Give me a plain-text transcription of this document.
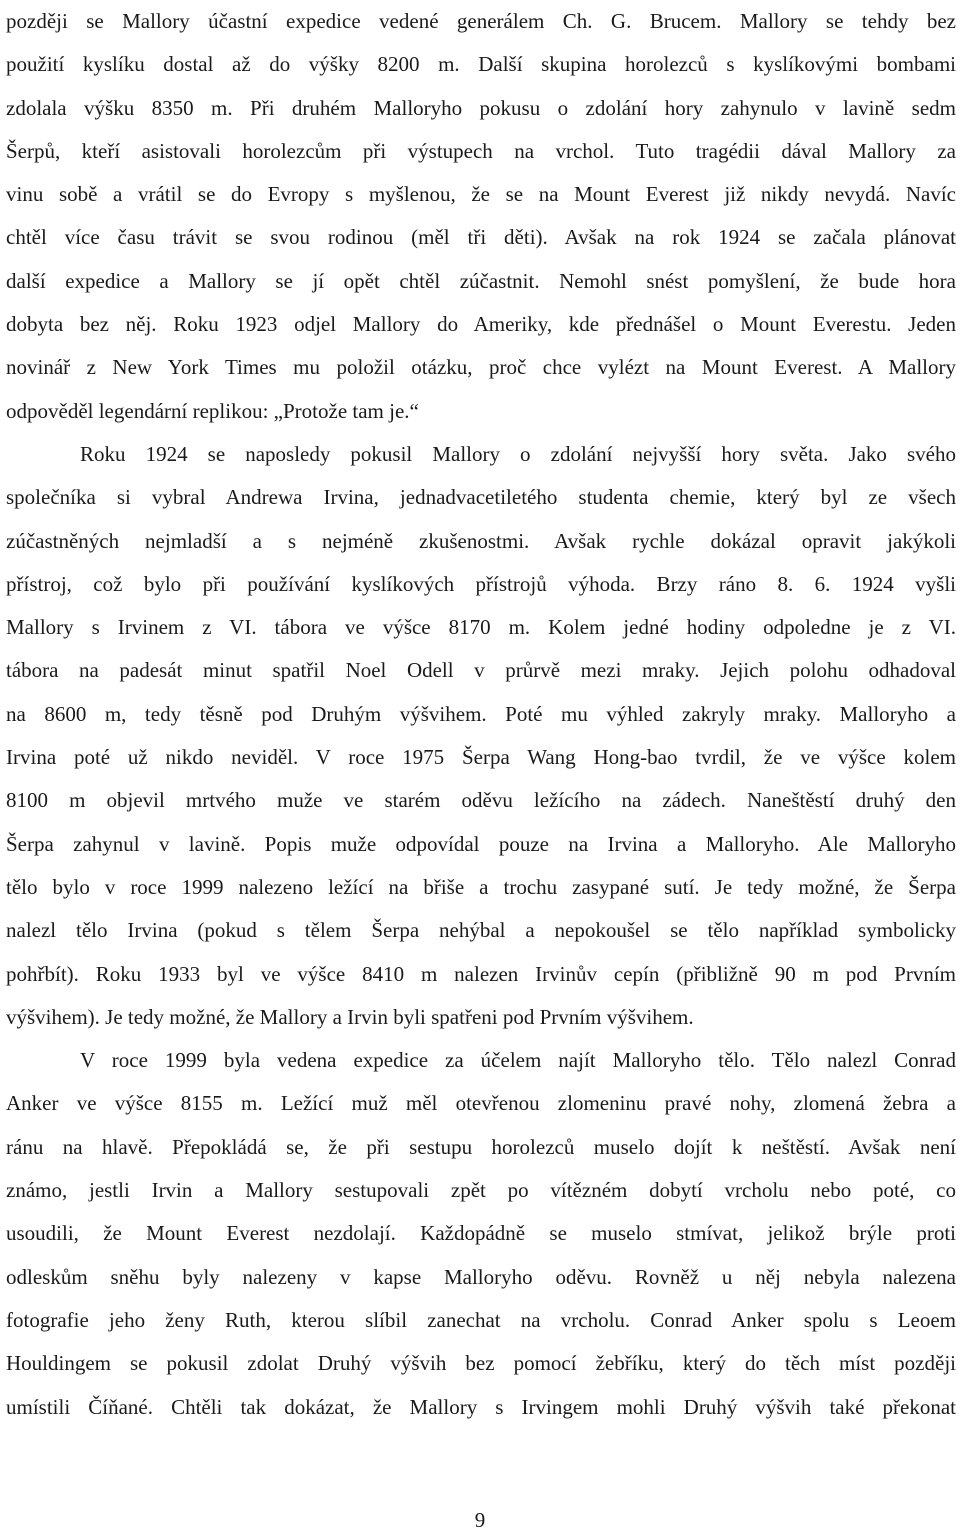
později se Mallory účastní expedice vedené generálem Ch. G. Brucem. Mallory se tehdy bez
použití kyslíku dostal až do výšky 8200 m. Další skupina horolezců s kyslíkovými bombami
zdolala výšku 8350 m. Při druhém Malloryho pokusu o zdolání hory zahynulo v lavině sedm
Šerpů, kteří asistovali horolezcům při výstupech na vrchol. Tuto tragédii dával Mallory za
vinu sobě a vrátil se do Evropy s myšlenou, že se na Mount Everest již nikdy nevydá. Navíc
chtěl více času trávit se svou rodinou (měl tři děti). Avšak na rok 1924 se začala plánovat
další expedice a Mallory se jí opět chtěl zúčastnit. Nemohl snést pomyšlení, že bude hora
dobyta bez něj. Roku 1923 odjel Mallory do Ameriky, kde přednášel o Mount Everestu. Jeden
novinář z New York Times mu položil otázku, proč chce vylézt na Mount Everest. A Mallory
odpověděl legendární replikou: „Protože tam je.“
Roku 1924 se naposledy pokusil Mallory o zdolání nejvyšší hory světa. Jako svého
společníka si vybral Andrewa Irvina, jednadvacetiletého studenta chemie, který byl ze všech
zúčastněných nejmladší a s nejméně zkušenostmi. Avšak rychle dokázal opravit jakýkoli
přístroj, což bylo při používání kyslíkových přístrojů výhoda. Brzy ráno 8. 6. 1924 vyšli
Mallory s Irvinem z VI. tábora ve výšce 8170 m. Kolem jedné hodiny odpoledne je z VI.
tábora na padesát minut spatřil Noel Odell v průrvě mezi mraky. Jejich polohu odhadoval
na 8600 m, tedy těsně pod Druhým výšvihem. Poté mu výhled zakryly mraky. Malloryho a
Irvina poté už nikdo neviděl. V roce 1975 Šerpa Wang Hong-bao tvrdil, že ve výšce kolem
8100 m objevil mrtvého muže ve starém oděvu ležícího na zádech. Naneštěstí druhý den
Šerpa zahynul v lavině. Popis muže odpovídal pouze na Irvina a Malloryho. Ale Malloryho
tělo bylo v roce 1999 nalezeno ležící na břiše a trochu zasypané sutí. Je tedy možné, že Šerpa
nalezl tělo Irvina (pokud s tělem Šerpa nehýbal a nepokoušel se tělo například symbolicky
pohřbít). Roku 1933 byl ve výšce 8410 m nalezen Irvinův cepín (přibližně 90 m pod Prvním
výšvihem). Je tedy možné, že Mallory a Irvin byli spatřeni pod Prvním výšvihem.
V roce 1999 byla vedena expedice za účelem najít Malloryho tělo. Tělo nalezl Conrad
Anker ve výšce 8155 m. Ležící muž měl otevřenou zlomeninu pravé nohy, zlomená žebra a
ránu na hlavě. Přepokládá se, že při sestupu horolezců muselo dojít k neštěstí. Avšak není
známo, jestli Irvin a Mallory sestupovali zpět po vítězném dobytí vrcholu nebo poté, co
usoudili, že Mount Everest nezdolají. Každopádně se muselo stmívat, jelikož brýle proti
odleskům sněhu byly nalezeny v kapse Malloryho oděvu. Rovněž u něj nebyla nalezena
fotografie jeho ženy Ruth, kterou slíbil zanechat na vrcholu. Conrad Anker spolu s Leoem
Houldingem se pokusil zdolat Druhý výšvih bez pomocí žebříku, který do těch míst později
umístili Číňané. Chtěli tak dokázat, že Mallory s Irvingem mohli Druhý výšvih také překonat
9
